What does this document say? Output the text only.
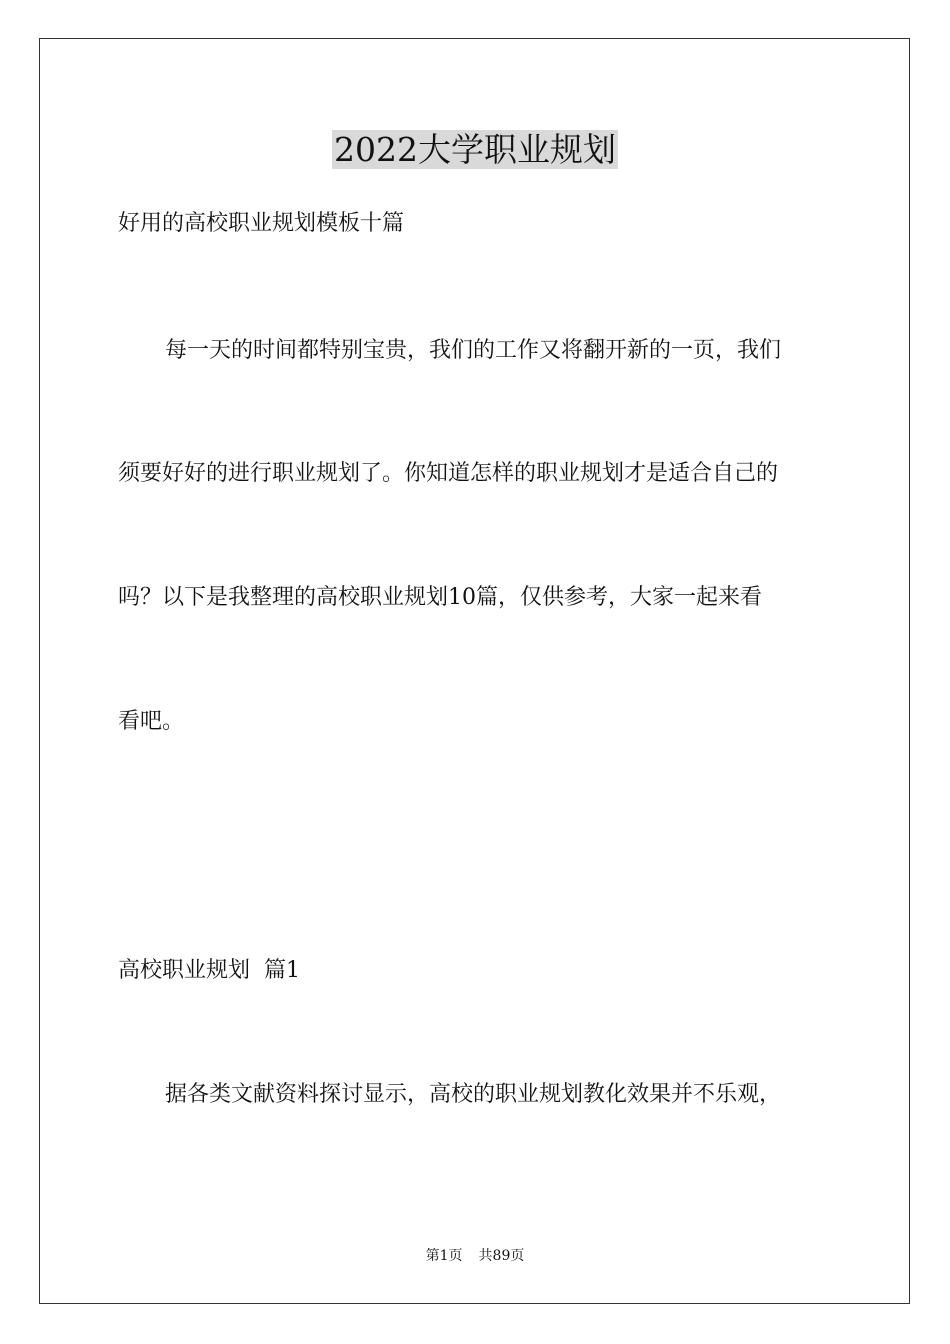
2022大学职业规划
好用的高校职业规划模板十篇
每一天的时间都特别宝贵，我们的工作又将翻开新的一页，我们
须要好好的进行职业规划了。你知道怎样的职业规划才是适合自己的
吗？以下是我整理的高校职业规划10篇，仅供参考，大家一起来看
看吧。
高校职业规划  篇1
据各类文献资料探讨显示，高校的职业规划教化效果并不乐观，
第1页 共89页
